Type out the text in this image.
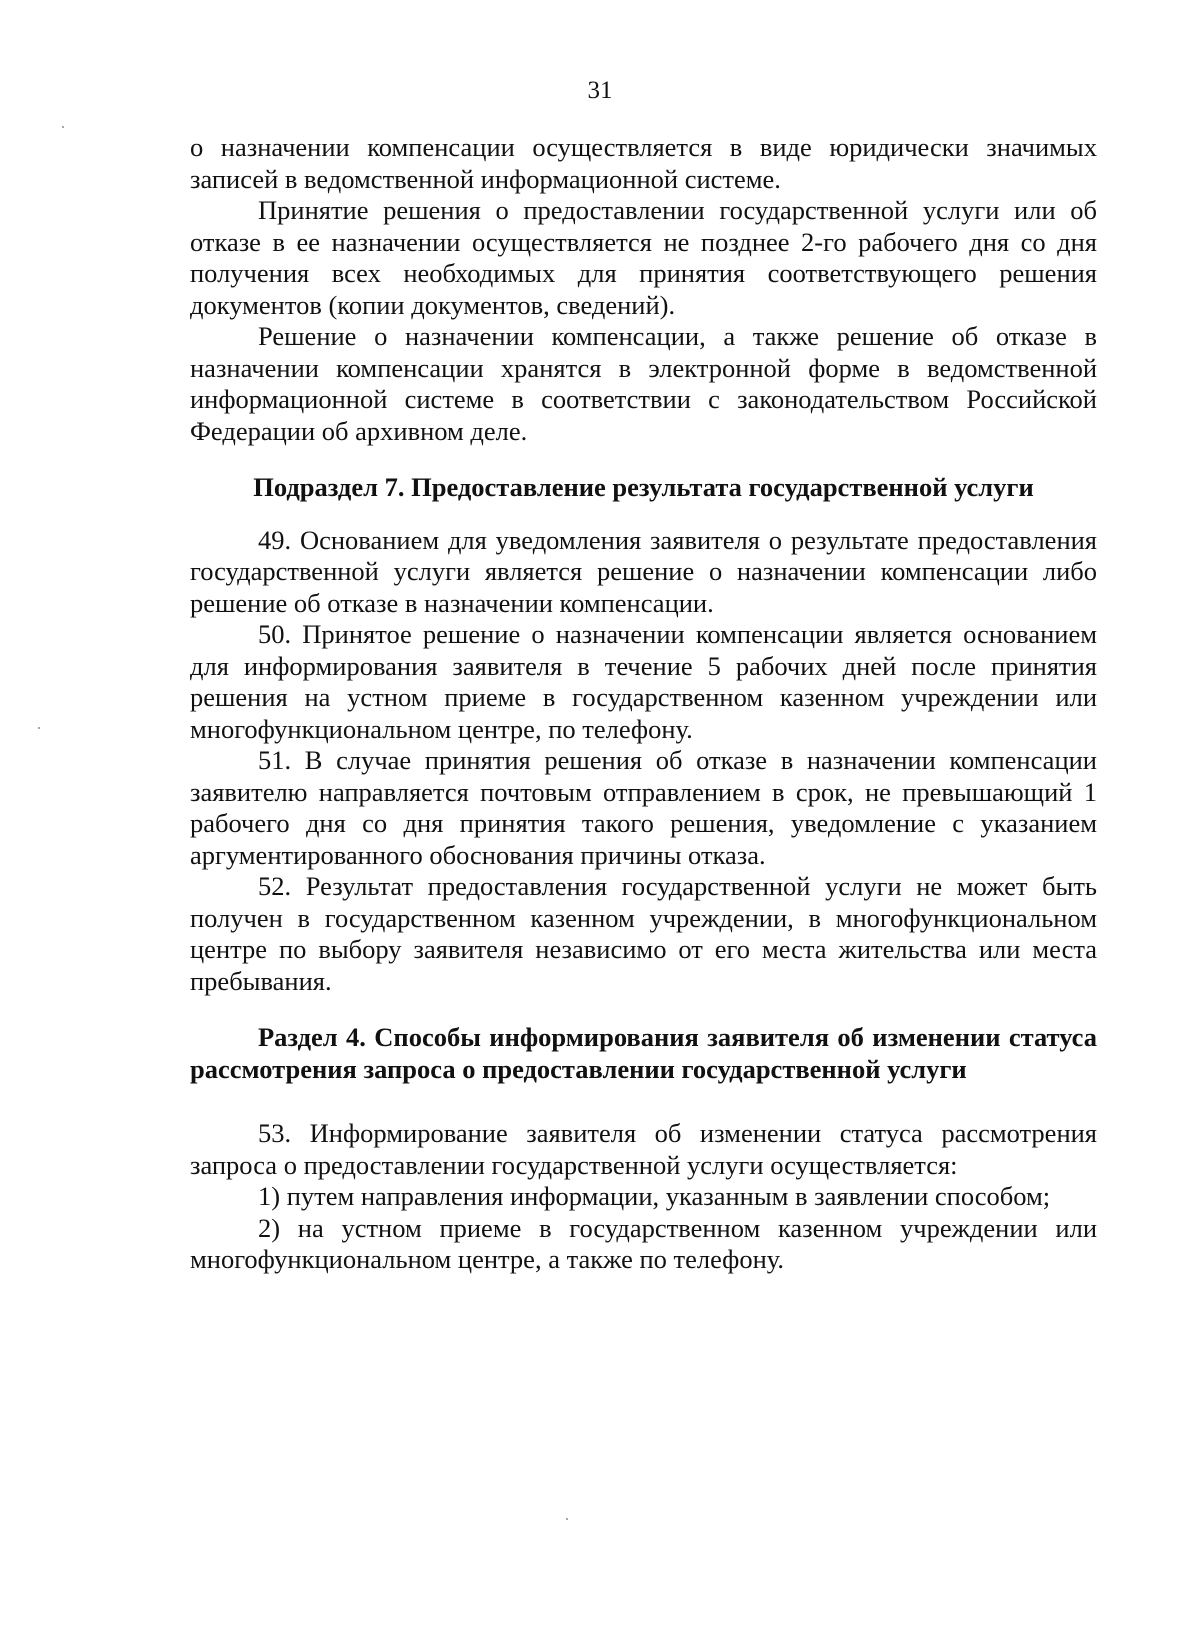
31

о назначении компенсации осуществляется в виде юридически значимых записей в ведомственной информационной системе.

Принятие решения о предоставлении государственной услуги или об отказе в ее назначении осуществляется не позднее 2-го рабочего дня со дня получения всех необходимых для принятия соответствующего решения документов (копии документов, сведений).

Решение о назначении компенсации, а также решение об отказе в назначении компенсации хранятся в электронной форме в ведомственной информационной системе в соответствии с законодательством Российской Федерации об архивном деле.

Подраздел 7. Предоставление результата государственной услуги

49. Основанием для уведомления заявителя о результате предоставления государственной услуги является решение о назначении компенсации либо решение об отказе в назначении компенсации.

50. Принятое решение о назначении компенсации является основанием для информирования заявителя в течение 5 рабочих дней после принятия решения на устном приеме в государственном казенном учреждении или многофункциональном центре, по телефону.

51. В случае принятия решения об отказе в назначении компенсации заявителю направляется почтовым отправлением в срок, не превышающий 1 рабочего дня со дня принятия такого решения, уведомление с указанием аргументированного обоснования причины отказа.

52. Результат предоставления государственной услуги не может быть получен в государственном казенном учреждении, в многофункциональном центре по выбору заявителя независимо от его места жительства или места пребывания.

Раздел 4. Способы информирования заявителя об изменении статуса рассмотрения запроса о предоставлении государственной услуги

53. Информирование заявителя об изменении статуса рассмотрения запроса о предоставлении государственной услуги осуществляется:

1) путем направления информации, указанным в заявлении способом;

2) на устном приеме в государственном казенном учреждении или многофункциональном центре, а также по телефону.
